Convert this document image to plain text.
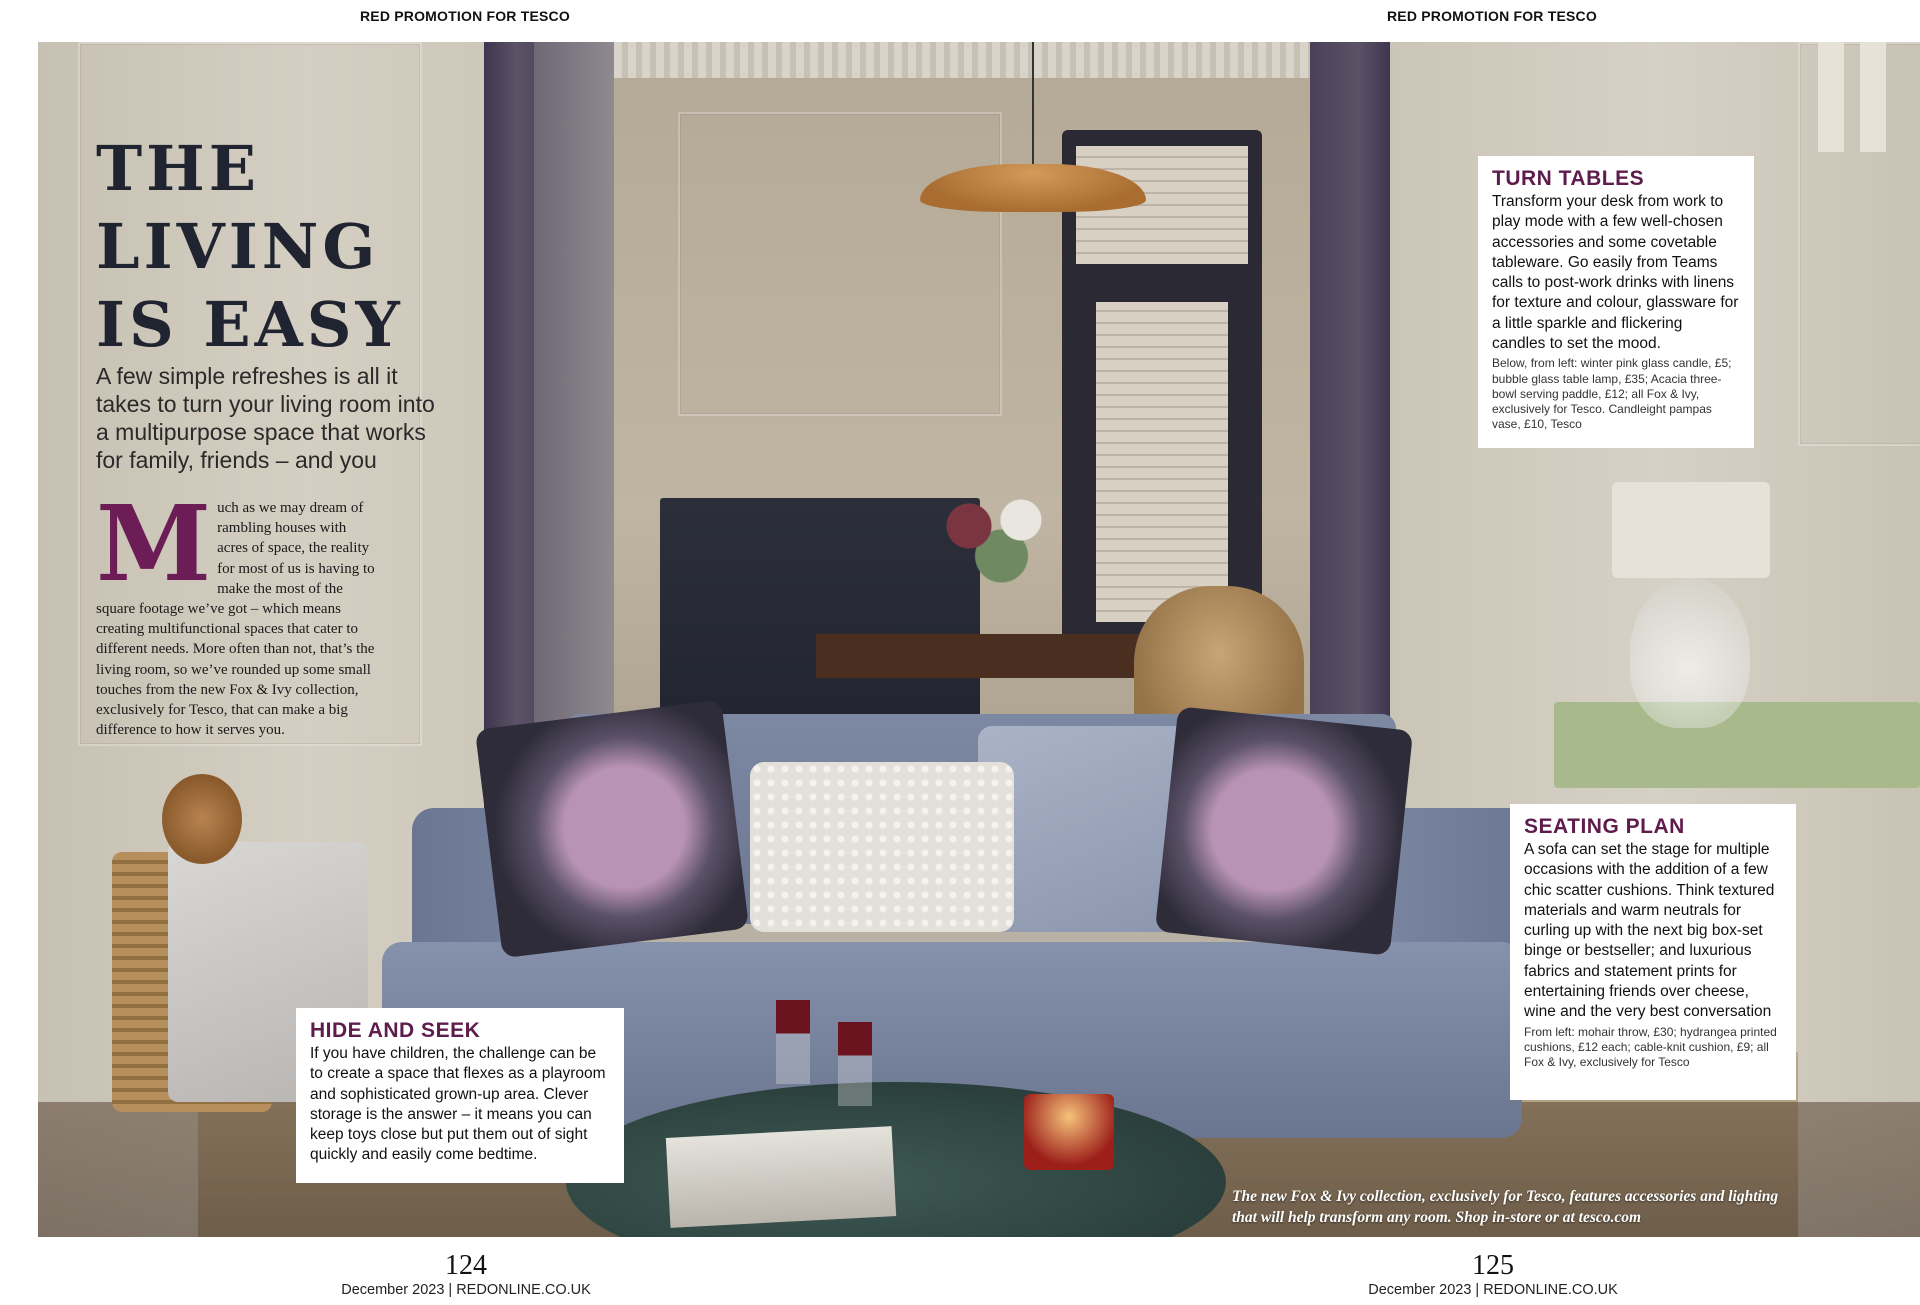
RED PROMOTION FOR TESCO	RED PROMOTION FOR TESCO
THE
LIVING
IS EASY

A few simple refreshes is all it takes to turn your living room into a multipurpose space that works for family, friends – and you

M uch as we may dream of rambling houses with acres of space, the reality for most of us is having to make the most of the square footage we’ve got – which means creating multifunctional spaces that cater to different needs. More often than not, that’s the living room, so we’ve rounded up some small touches from the new Fox & Ivy collection, exclusively for Tesco, that can make a big difference to how it serves you.
TURN TABLES

Transform your desk from work to play mode with a few well-chosen accessories and some covetable tableware. Go easily from Teams calls to post-work drinks with linens for texture and colour, glassware for a little sparkle and flickering candles to set the mood.

Below, from left: winter pink glass candle, £5; bubble glass table lamp, £35; Acacia three-bowl serving paddle, £12; all Fox & Ivy, exclusively for Tesco. Candleight pampas vase, £10, Tesco

SEATING PLAN

A sofa can set the stage for multiple occasions with the addition of a few chic scatter cushions. Think textured materials and warm neutrals for curling up with the next big box-set binge or bestseller; and luxurious fabrics and statement prints for entertaining friends over cheese, wine and the very best conversation

From left: mohair throw, £30; hydrangea printed cushions, £12 each; cable-knit cushion, £9; all Fox & Ivy, exclusively for Tesco

HIDE AND SEEK

If you have children, the challenge can be to create a space that flexes as a playroom and sophisticated grown-up area. Clever storage is the answer – it means you can keep toys close but put them out of sight quickly and easily come bedtime.

The new Fox & Ivy collection, exclusively for Tesco, features accessories and lighting that will help transform any room. Shop in-store or at tesco.com

124
December 2023 | REDONLINE.CO.UK
125
December 2023 | REDONLINE.CO.UK
